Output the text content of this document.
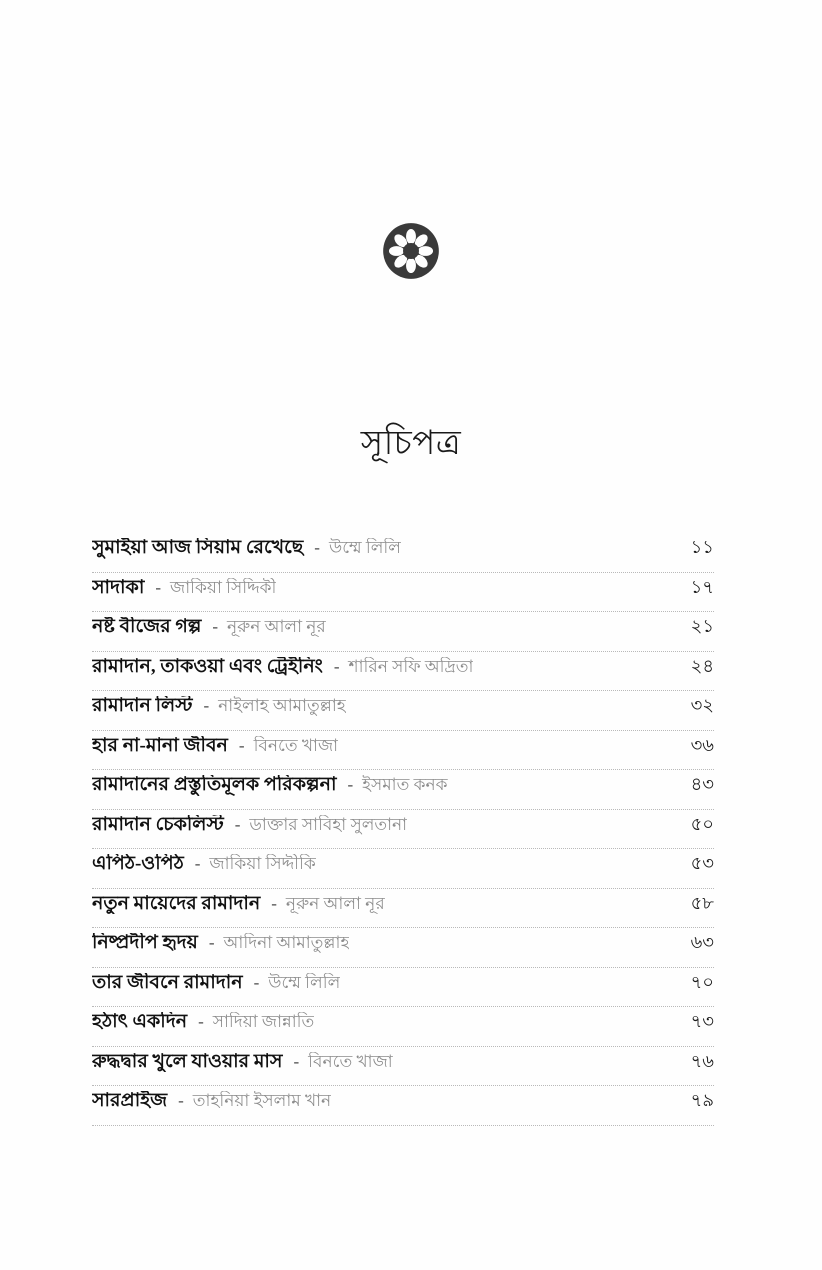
সূচিপত্র
সুমাইয়া আজ সিয়াম রেখেছে - উম্মে লিলি	১১
সাদাকা - জাকিয়া সিদ্দিকী	১৭
নষ্ট বীজের গল্প - নূরুন আলা নূর	২১
রামাদান, তাকওয়া এবং ট্রেইনিং - শারিন সফি অদ্রিতা	২৪
রামাদান লিস্ট - নাইলাহ আমাতুল্লাহ	৩২
হার না-মানা জীবন - বিনতে খাজা	৩৬
রামাদানের প্রস্তুতিমূলক পরিকল্পনা - ইসমাত কনক	৪৩
রামাদান চেকলিস্ট - ডাক্তার সাবিহা সুলতানা	৫০
এপিঠ-ওপিঠ - জাকিয়া সিদ্দীকি	৫৩
নতুন মায়েদের রামাদান - নূরুন আলা নূর	৫৮
নিষ্প্রদীপ হৃদয় - আদিনা আমাতুল্লাহ	৬৩
তার জীবনে রামাদান - উম্মে লিলি	৭০
হঠাৎ একদিন - সাদিয়া জান্নাতি	৭৩
রুদ্ধদ্বার খুলে যাওয়ার মাস - বিনতে খাজা	৭৬
সারপ্রাইজ - তাহনিয়া ইসলাম খান	৭৯
